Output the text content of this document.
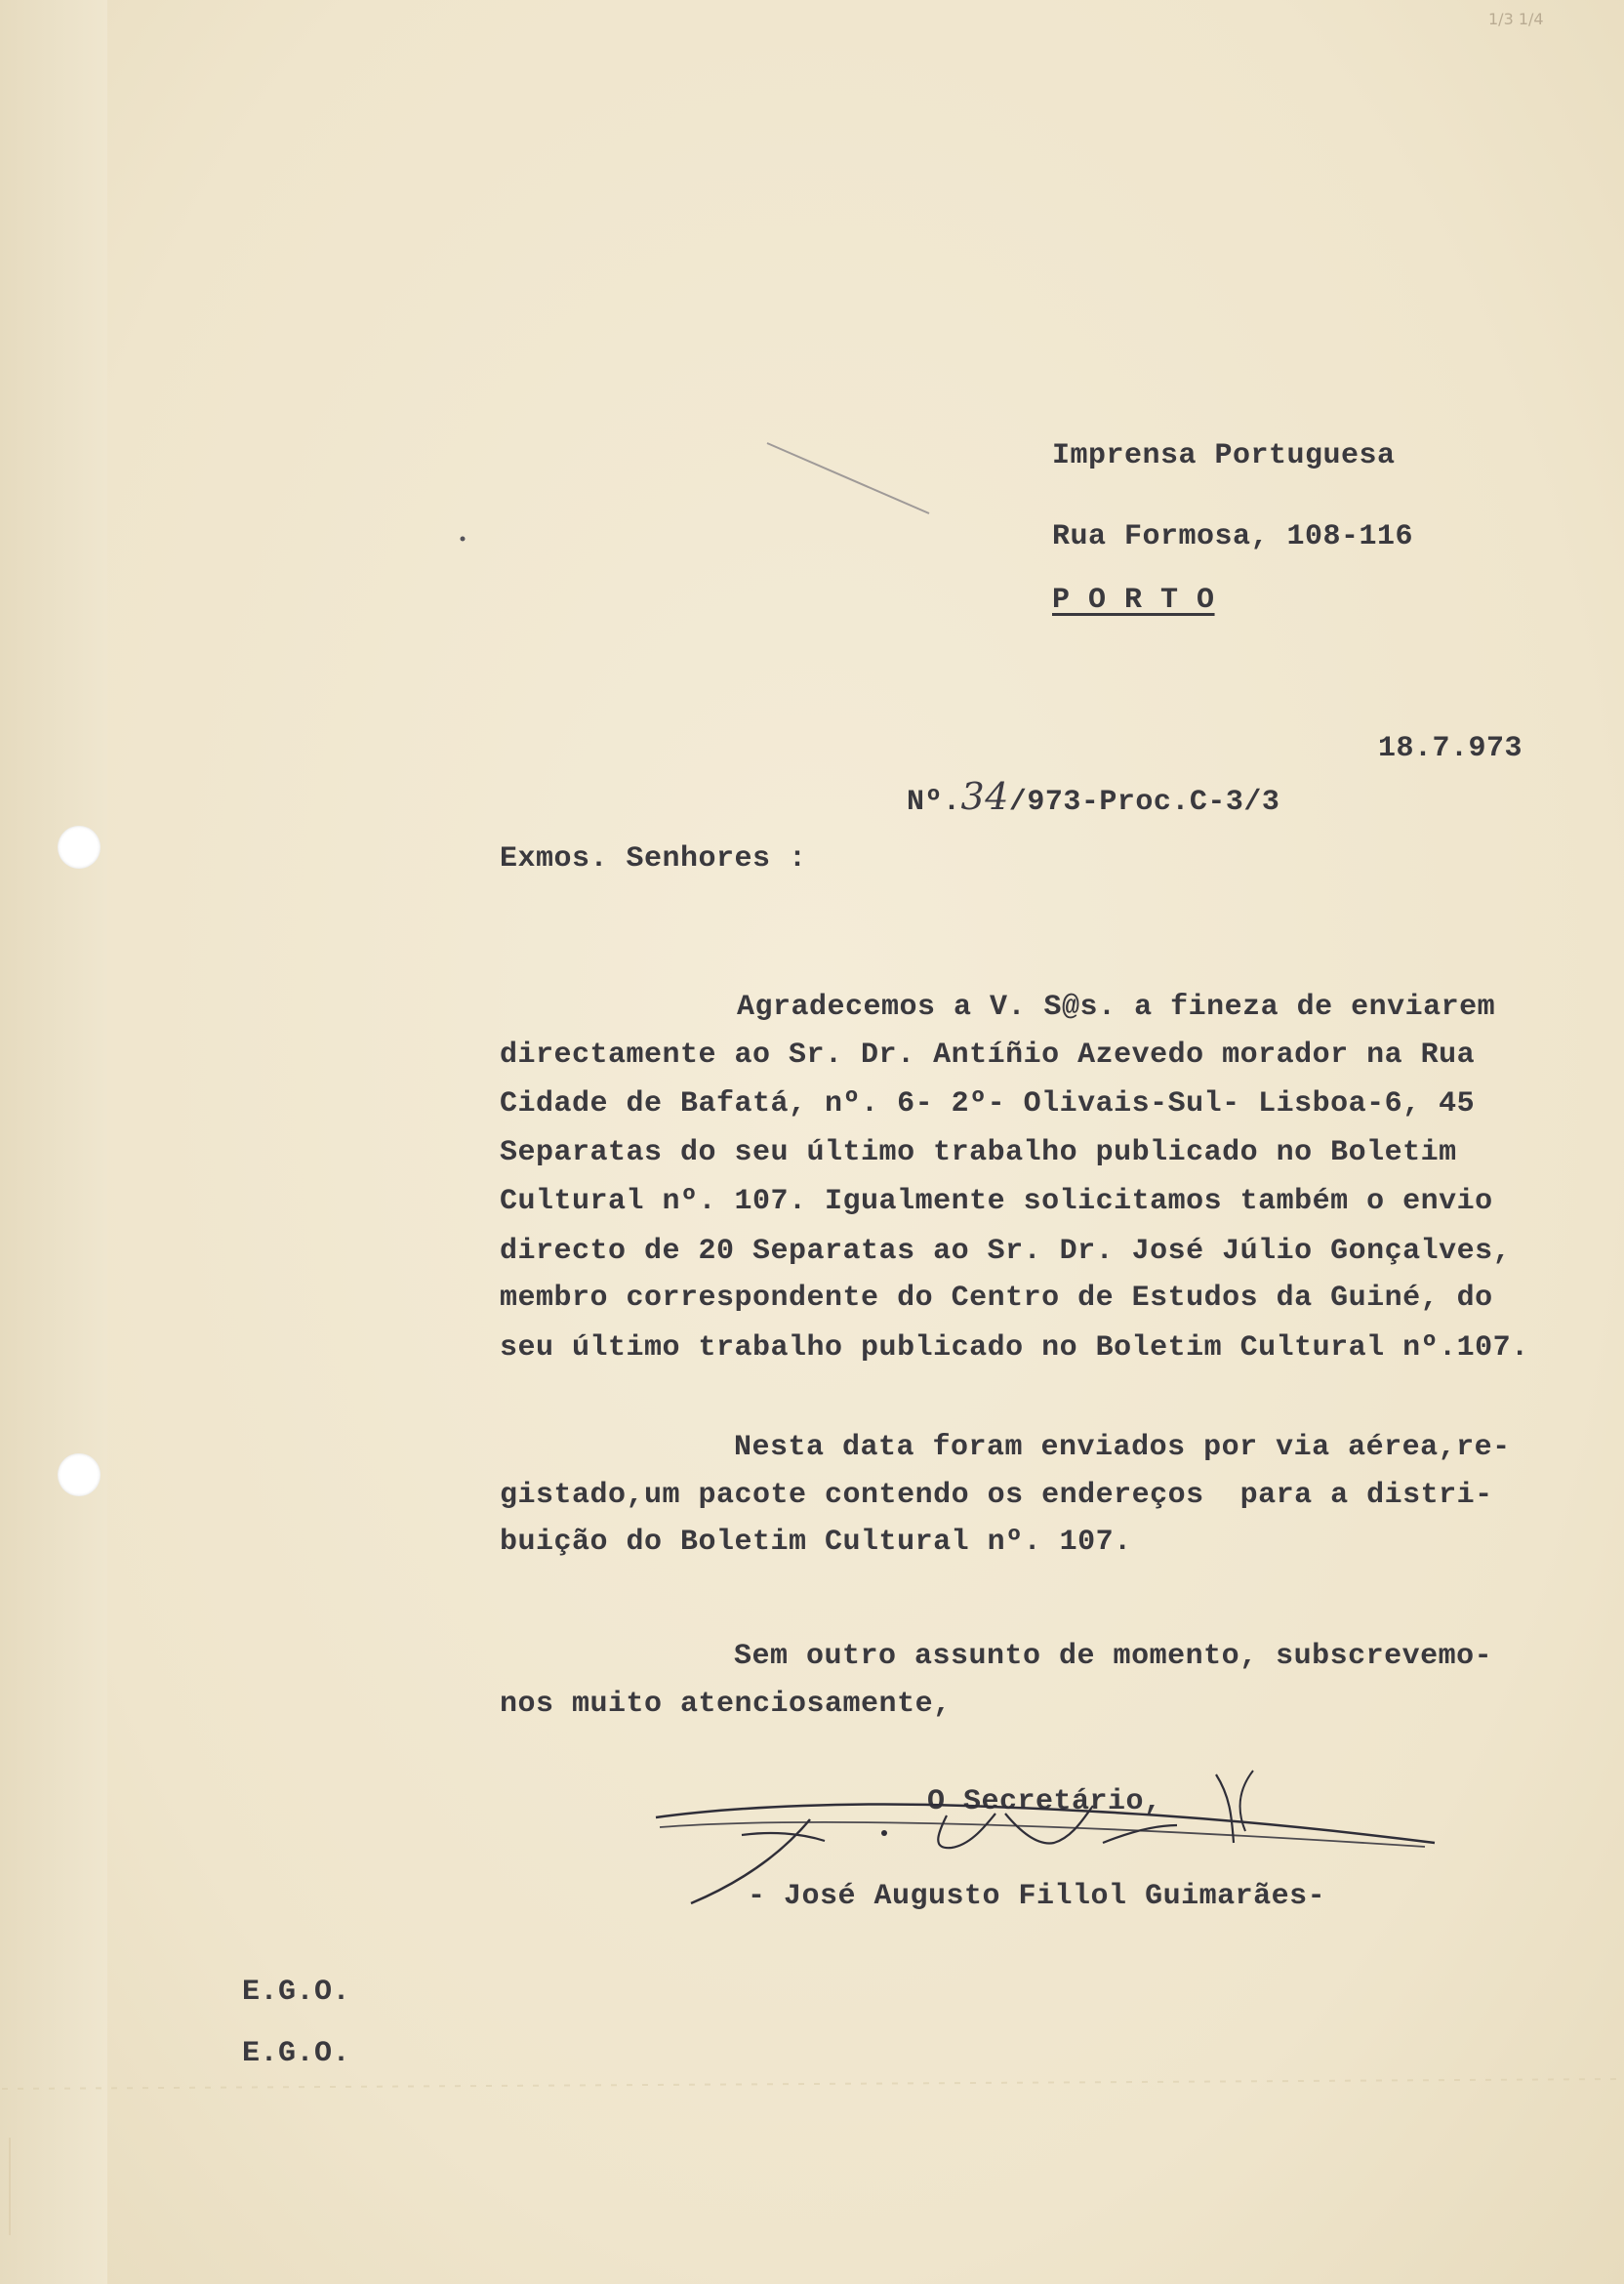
1/3 1/4
Imprensa Portuguesa
Rua Formosa, 108-116
P O R T O

Nº.34/973-Proc.C-3/3

18.7.973
Exmos. Senhores :
Agradecemos a V. S@s. a fineza de enviarem
directamente ao Sr. Dr. Antíñio Azevedo morador na Rua
Cidade de Bafatá, nº. 6- 2º- Olivais-Sul- Lisboa-6, 45
Separatas do seu último trabalho publicado no Boletim
Cultural nº. 107. Igualmente solicitamos também o envio
directo de 20 Separatas ao Sr. Dr. José Júlio Gonçalves,
membro correspondente do Centro de Estudos da Guiné, do
seu último trabalho publicado no Boletim Cultural nº.107.
Nesta data foram enviados por via aérea,re-
gistado,um pacote contendo os endereços  para a distri-
buição do Boletim Cultural nº. 107.
Sem outro assunto de momento, subscrevemo-
nos muito atenciosamente,
O Secretário,
- José Augusto Fillol Guimarães-
E.G.O.
E.G.O.
